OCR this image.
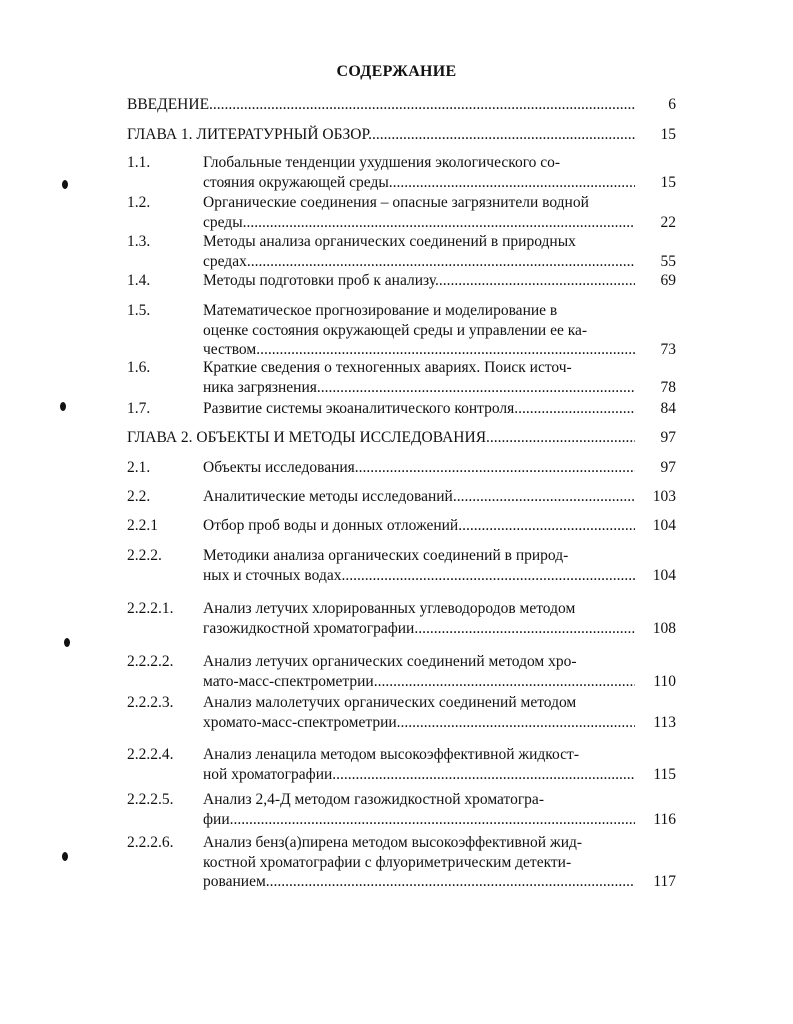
СОДЕРЖАНИЕ
ВВЕДЕНИЕ .....	6
ГЛАВА 1. ЛИТЕРАТУРНЫЙ ОБЗОР .....	15
1.1.	Глобальные тенденции ухудшения экологического со-
стояния окружающей среды .....	15
1.2.	Органические соединения – опасные загрязнители водной
среды .....	22
1.3.	Методы анализа органических соединений в природных
средах .....	55
1.4.	Методы подготовки проб к анализу .....	69
1.5.	Математическое прогнозирование и моделирование в
оценке состояния окружающей среды и управлении ее ка-
чеством .....	73
1.6.	Краткие сведения о техногенных авариях. Поиск источ-
ника загрязнения .....	78
1.7.	Развитие системы экоаналитического контроля .....	84
ГЛАВА 2. ОБЪЕКТЫ И МЕТОДЫ ИССЛЕДОВАНИЯ .....	97
2.1.	Объекты исследования .....	97
2.2.	Аналитические методы исследований .....	103
2.2.1	Отбор проб воды и донных отложений .....	104
2.2.2.	Методики анализа органических соединений в природ-
ных и сточных водах .....	104
2.2.2.1. Анализ летучих хлорированных углеводородов методом
газожидкостной хроматографии .....	108
2.2.2.2. Анализ летучих органических соединений методом хро-
мато-масс-спектрометрии .....	110
2.2.2.3. Анализ малолетучих органических соединений методом
хромато-масс-спектрометрии .....	113
2.2.2.4. Анализ ленацила методом высокоэффективной жидкост-
ной хроматографии .....	115
2.2.2.5. Анализ 2,4-Д методом газожидкостной хроматогра-
фии .....	116
2.2.2.6. Анализ бенз(а)пирена методом высокоэффективной жид-
костной хроматографии с флуориметрическим детекти-
рованием .....	117
